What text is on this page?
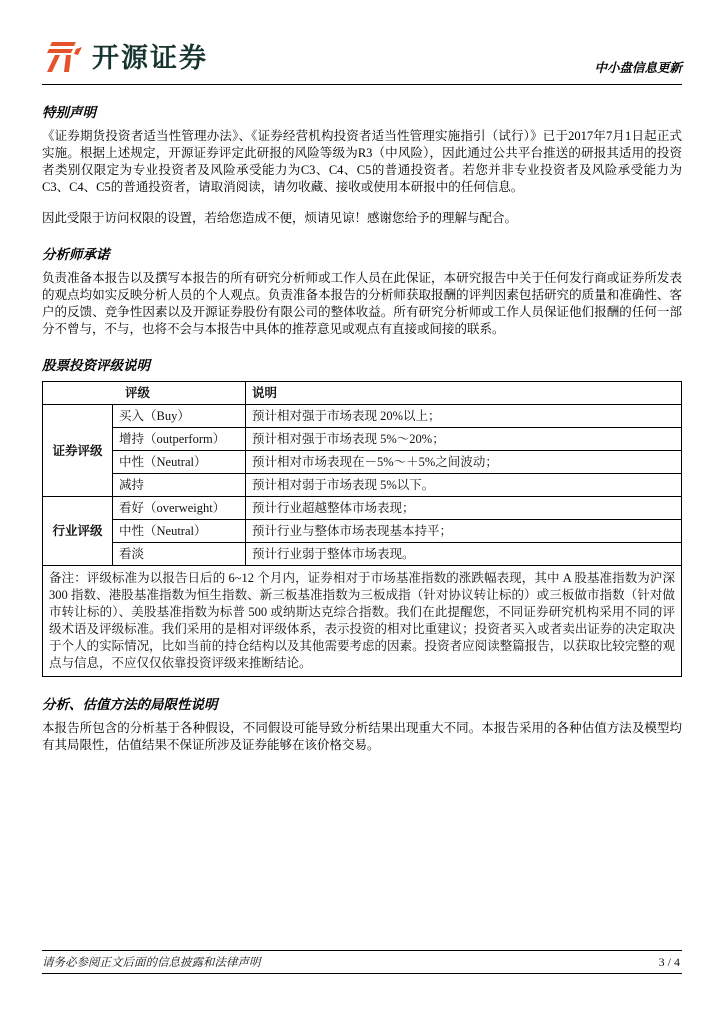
开源证券	中小盘信息更新
特别声明

《证券期货投资者适当性管理办法》、《证券经营机构投资者适当性管理实施指引（试行）》已于2017年7月1日起正式实施。根据上述规定，开源证券评定此研报的风险等级为R3（中风险），因此通过公共平台推送的研报其适用的投资者类别仅限定为专业投资者及风险承受能力为C3、C4、C5的普通投资者。若您并非专业投资者及风险承受能力为C3、C4、C5的普通投资者，请取消阅读，请勿收藏、接收或使用本研报中的任何信息。

因此受限于访问权限的设置，若给您造成不便，烦请见谅！感谢您给予的理解与配合。

分析师承诺

负责准备本报告以及撰写本报告的所有研究分析师或工作人员在此保证，本研究报告中关于任何发行商或证券所发表的观点均如实反映分析人员的个人观点。负责准备本报告的分析师获取报酬的评判因素包括研究的质量和准确性、客户的反馈、竞争性因素以及开源证券股份有限公司的整体收益。所有研究分析师或工作人员保证他们报酬的任何一部分不曾与，不与，也将不会与本报告中具体的推荐意见或观点有直接或间接的联系。

股票投资评级说明
评级		说明
证券评级	买入（Buy）	预计相对强于市场表现 20%以上；
	增持（outperform）	预计相对强于市场表现 5%～20%；
	中性（Neutral）	预计相对市场表现在－5%～＋5%之间波动；
	减持	预计相对弱于市场表现 5%以下。
行业评级	看好（overweight）	预计行业超越整体市场表现；
	中性（Neutral）	预计行业与整体市场表现基本持平；
	看淡	预计行业弱于整体市场表现。
备注：评级标准为以报告日后的 6~12 个月内，证券相对于市场基准指数的涨跌幅表现，其中 A 股基准指数为沪深 300 指数、港股基准指数为恒生指数、新三板基准指数为三板成指（针对协议转让标的）或三板做市指数（针对做市转让标的）、美股基准指数为标普 500 或纳斯达克综合指数。我们在此提醒您，不同证券研究机构采用不同的评级术语及评级标准。我们采用的是相对评级体系，表示投资的相对比重建议；投资者买入或者卖出证券的决定取决于个人的实际情况，比如当前的持仓结构以及其他需要考虑的因素。投资者应阅读整篇报告，以获取比较完整的观点与信息，不应仅仅依靠投资评级来推断结论。		
分析、估值方法的局限性说明

本报告所包含的分析基于各种假设，不同假设可能导致分析结果出现重大不同。本报告采用的各种估值方法及模型均有其局限性，估值结果不保证所涉及证券能够在该价格交易。

请务必参阅正文后面的信息披露和法律声明	3 / 4
